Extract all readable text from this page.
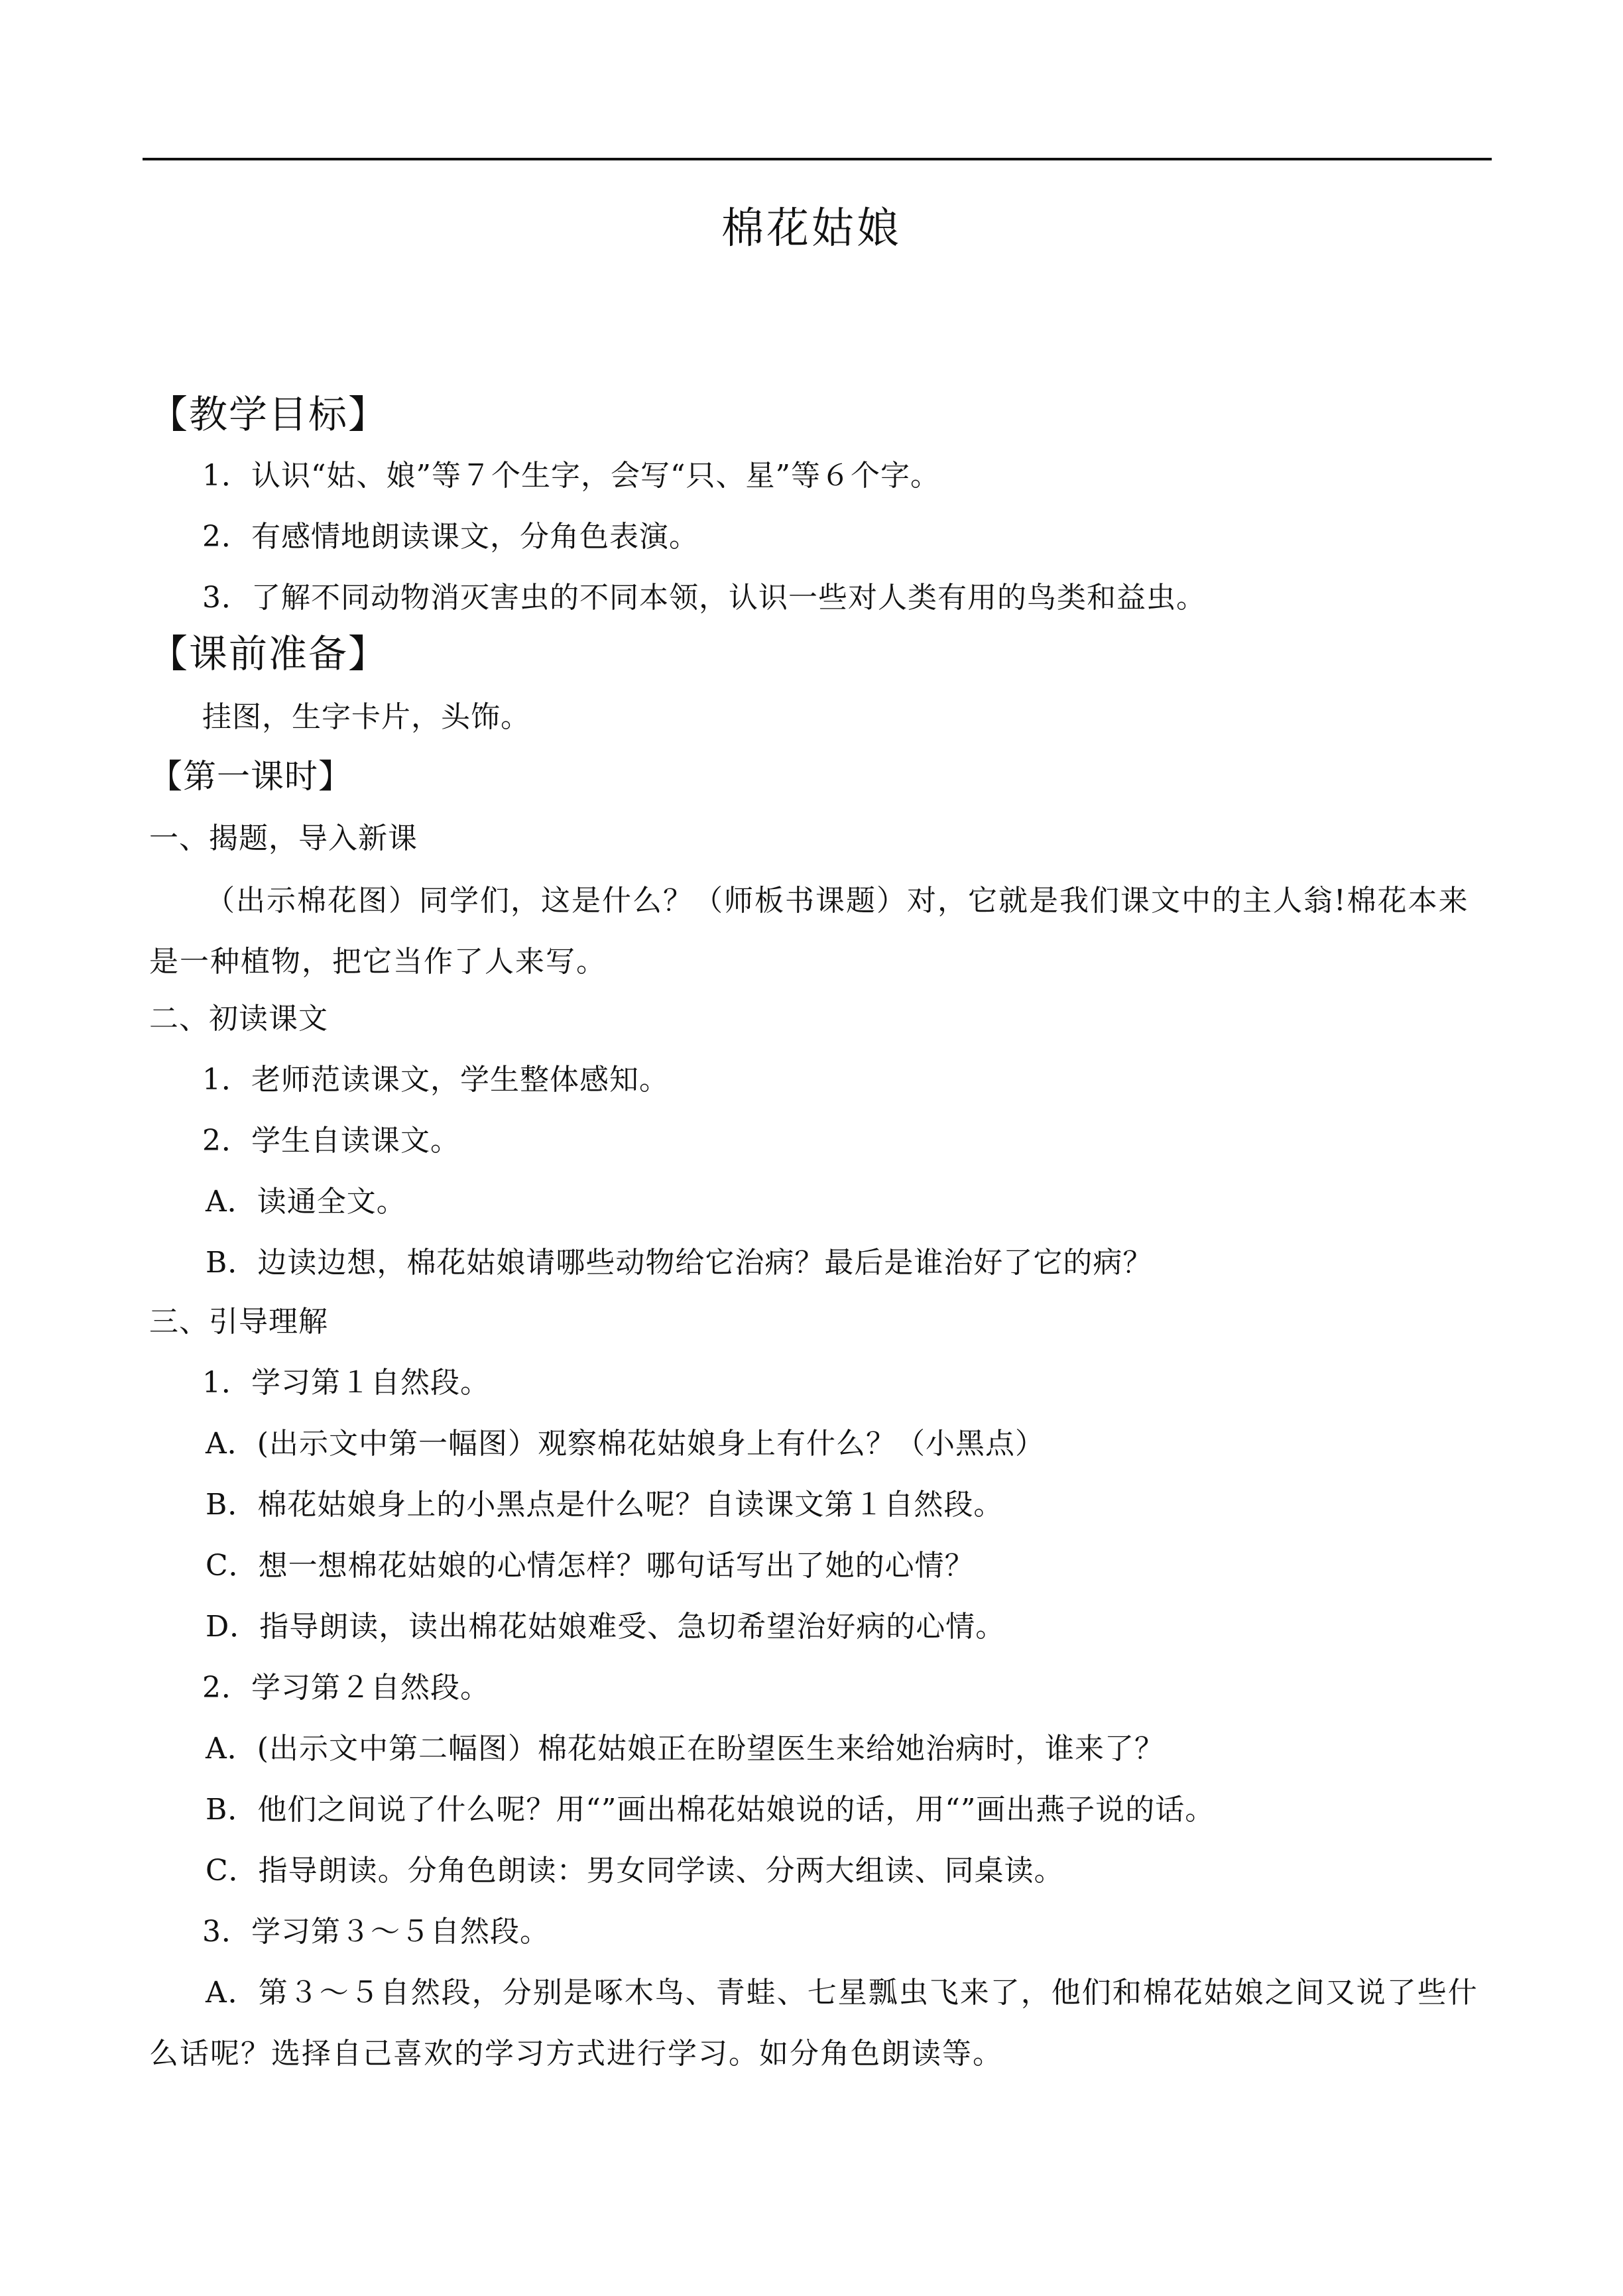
棉花姑娘
【教学目标】
1．认识“姑、娘”等７个生字，会写“只、星”等６个字。
2．有感情地朗读课文，分角色表演。
3．了解不同动物消灭害虫的不同本领，认识一些对人类有用的鸟类和益虫。
【课前准备】
挂图，生字卡片，头饰。
【第一课时】
一、揭题，导入新课
（出示棉花图）同学们，这是什么？（师板书课题）对，它就是我们课文中的主人翁!棉花本来是一种植物，把它当作了人来写。
二、初读课文
1．老师范读课文，学生整体感知。
2．学生自读课文。
A．读通全文。
B．边读边想，棉花姑娘请哪些动物给它治病？最后是谁治好了它的病？
三、引导理解
1．学习第１自然段。
A．(出示文中第一幅图）观察棉花姑娘身上有什么？（小黑点）
B．棉花姑娘身上的小黑点是什么呢？自读课文第１自然段。
C．想一想棉花姑娘的心情怎样？哪句话写出了她的心情？
D．指导朗读，读出棉花姑娘难受、急切希望治好病的心情。
2．学习第２自然段。
A．(出示文中第二幅图）棉花姑娘正在盼望医生来给她治病时，谁来了？
B．他们之间说了什么呢？用“”画出棉花姑娘说的话，用“”画出燕子说的话。
C．指导朗读。分角色朗读：男女同学读、分两大组读、同桌读。
3．学习第３～５自然段。
A．第３～５自然段，分别是啄木鸟、青蛙、七星瓢虫飞来了，他们和棉花姑娘之间又说了些什么话呢？选择自己喜欢的学习方式进行学习。如分角色朗读等。
